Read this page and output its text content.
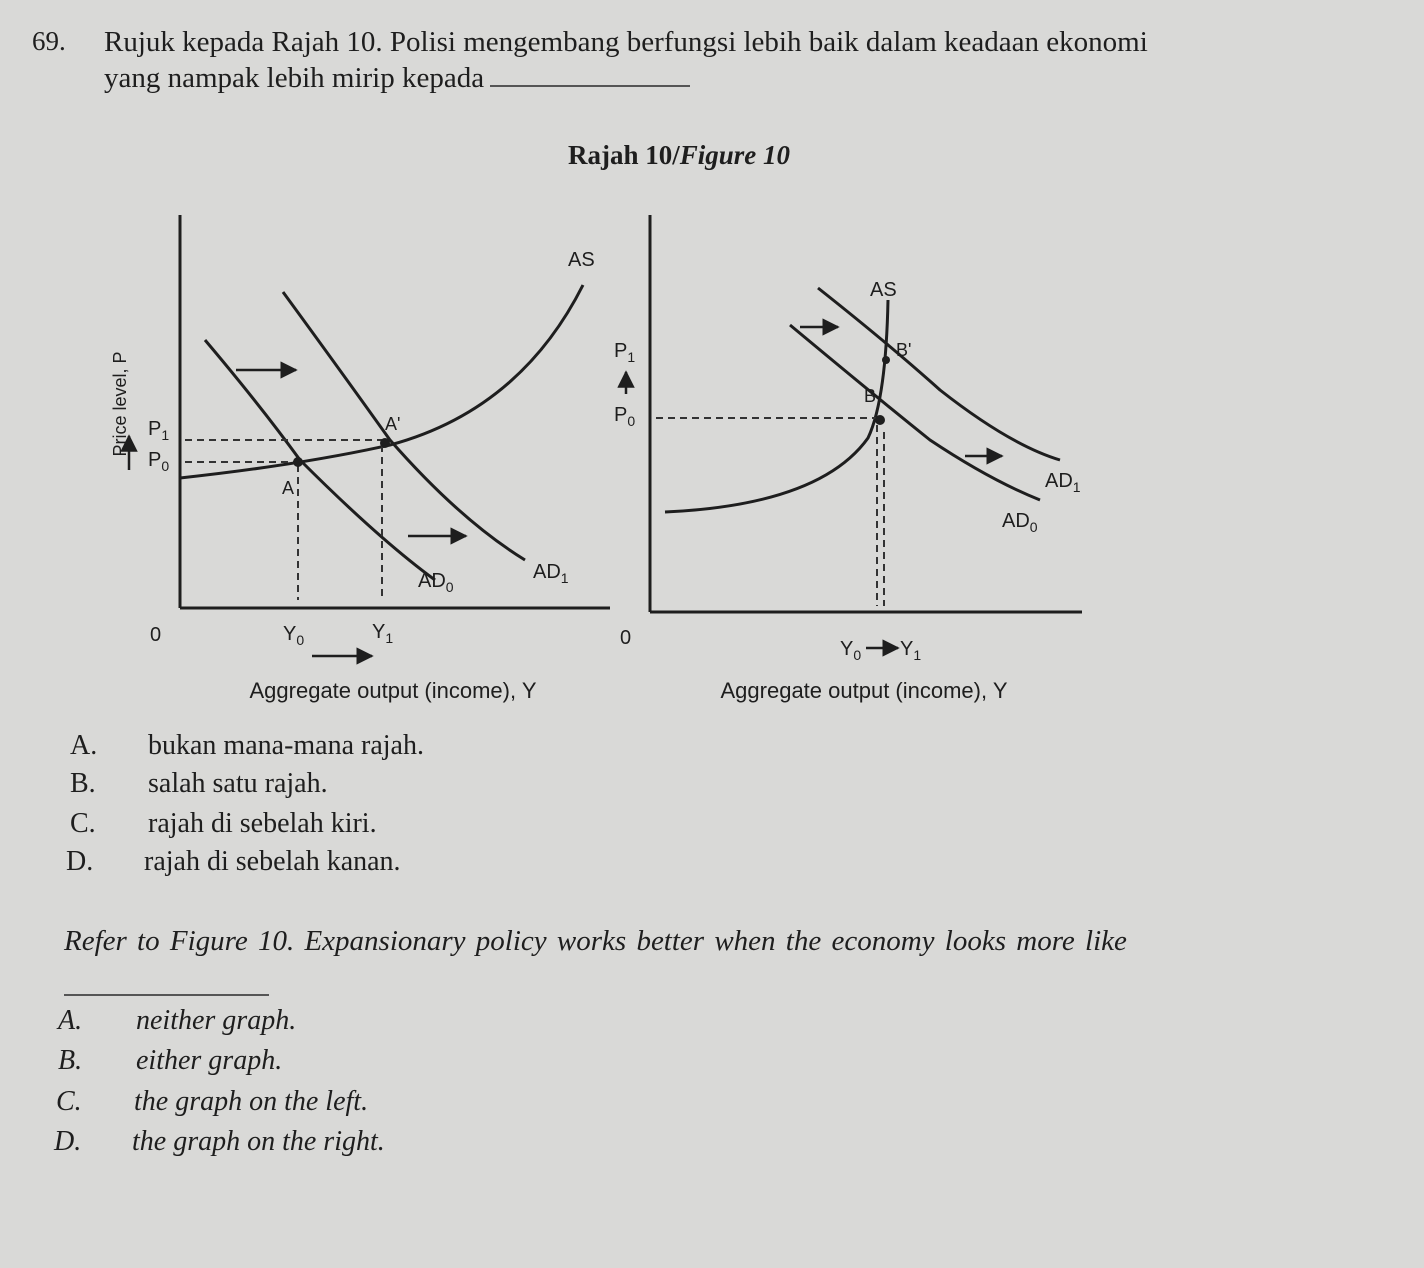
69. Rujuk kepada Rajah 10. Polisi mengembang berfungsi lebih baik dalam keadaan ekonomi
yang nampak lebih mirip kepada
Rajah 10/Figure 10
AS
A'
A
$AD_0$
$AD_1$
$P_1$
$P_0$
0	$Y_0$	$Y_1$
Price level, P
Aggregate output (income), Y
AS
B'
B
$AD_1$
$AD_0$
$P_1$
$P_0$
0	$Y_0$ $Y_1$
Aggregate output (income), Y
A. bukan mana-mana rajah.
B. salah satu rajah.
C. rajah di sebelah kiri.
D. rajah di sebelah kanan.
Refer to Figure 10. Expansionary policy works better when the economy looks more like
A. neither graph.
B. either graph.
C. the graph on the left.
D. the graph on the right.
